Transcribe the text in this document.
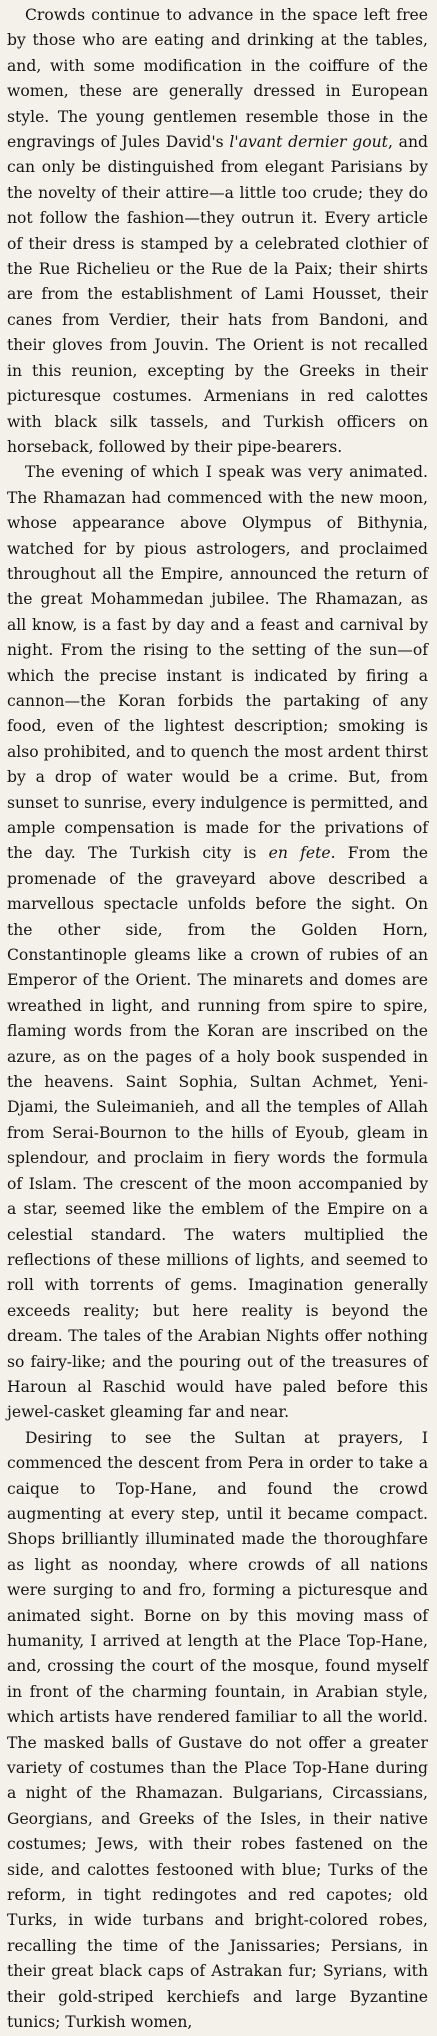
Crowds continue to advance in the space left free by those who are eating and drinking at the tables, and, with some modification in the coiffure of the women, these are generally dressed in European style. The young gentlemen resemble those in the engravings of Jules David's l'avant dernier gout, and can only be distinguished from elegant Parisians by the novelty of their attire—a little too crude; they do not follow the fashion—they outrun it. Every article of their dress is stamped by a celebrated clothier of the Rue Richelieu or the Rue de la Paix; their shirts are from the establishment of Lami Housset, their canes from Verdier, their hats from Bandoni, and their gloves from Jouvin. The Orient is not recalled in this reunion, excepting by the Greeks in their picturesque costumes. Armenians in red calottes with black silk tassels, and Turkish officers on horseback, followed by their pipe-bearers.

The evening of which I speak was very animated. The Rhamazan had commenced with the new moon, whose appearance above Olympus of Bithynia, watched for by pious astrologers, and proclaimed throughout all the Empire, announced the return of the great Mohammedan jubilee. The Rhamazan, as all know, is a fast by day and a feast and carnival by night. From the rising to the setting of the sun—of which the precise instant is indicated by firing a cannon—the Koran forbids the partaking of any food, even of the lightest description; smoking is also prohibited, and to quench the most ardent thirst by a drop of water would be a crime. But, from sunset to sunrise, every indulgence is permitted, and ample compensation is made for the privations of the day. The Turkish city is en fete. From the promenade of the graveyard above described a marvellous spectacle unfolds before the sight. On the other side, from the Golden Horn, Constantinople gleams like a crown of rubies of an Emperor of the Orient. The minarets and domes are wreathed in light, and running from spire to spire, flaming words from the Koran are inscribed on the azure, as on the pages of a holy book suspended in the heavens. Saint Sophia, Sultan Achmet, Yeni-Djami, the Suleimanieh, and all the temples of Allah from Serai-Bournon to the hills of Eyoub, gleam in splendour, and proclaim in fiery words the formula of Islam. The crescent of the moon accompanied by a star, seemed like the emblem of the Empire on a celestial standard. The waters multiplied the reflections of these millions of lights, and seemed to roll with torrents of gems. Imagination generally exceeds reality; but here reality is beyond the dream. The tales of the Arabian Nights offer nothing so fairy-like; and the pouring out of the treasures of Haroun al Raschid would have paled before this jewel-casket gleaming far and near.

Desiring to see the Sultan at prayers, I commenced the descent from Pera in order to take a caique to Top-Hane, and found the crowd augmenting at every step, until it became compact. Shops brilliantly illuminated made the thoroughfare as light as noonday, where crowds of all nations were surging to and fro, forming a picturesque and animated sight. Borne on by this moving mass of humanity, I arrived at length at the Place Top-Hane, and, crossing the court of the mosque, found myself in front of the charming fountain, in Arabian style, which artists have rendered familiar to all the world. The masked balls of Gustave do not offer a greater variety of costumes than the Place Top-Hane during a night of the Rhamazan. Bulgarians, Circassians, Georgians, and Greeks of the Isles, in their native costumes; Jews, with their robes fastened on the side, and calottes festooned with blue; Turks of the reform, in tight redingotes and red capotes; old Turks, in wide turbans and bright-colored robes, recalling the time of the Janissaries; Persians, in their great black caps of Astrakan fur; Syrians, with their gold-striped kerchiefs and large Byzantine tunics; Turkish women,
